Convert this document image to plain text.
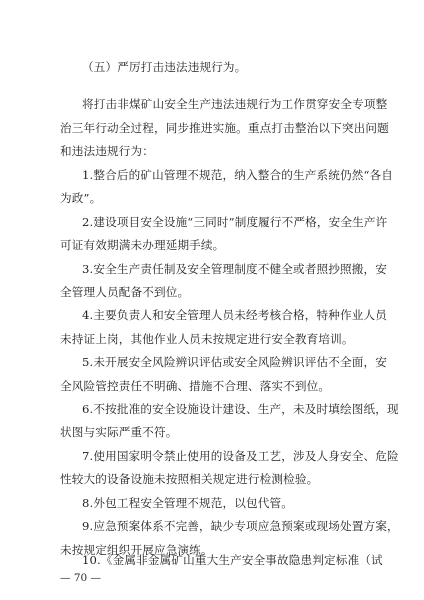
（五）严厉打击违法违规行为。
将打击非煤矿山安全生产违法违规行为工作贯穿安全专项整
治三年行动全过程，同步推进实施。重点打击整治以下突出问题
和违法违规行为：
1.整合后的矿山管理不规范，纳入整合的生产系统仍然“各自
为政”。
2.建设项目安全设施“三同时”制度履行不严格，安全生产许
可证有效期满未办理延期手续。
3.安全生产责任制及安全管理制度不健全或者照抄照搬，安
全管理人员配备不到位。
4.主要负责人和安全管理人员未经考核合格，特种作业人员
未持证上岗，其他作业人员未按规定进行安全教育培训。
5.未开展安全风险辨识评估或安全风险辨识评估不全面，安
全风险管控责任不明确、措施不合理、落实不到位。
6.不按批准的安全设施设计建设、生产，未及时填绘图纸，现
状图与实际严重不符。
7.使用国家明令禁止使用的设备及工艺，涉及人身安全、危险
性较大的设备设施未按照相关规定进行检测检验。
8.外包工程安全管理不规范，以包代管。
9.应急预案体系不完善，缺少专项应急预案或现场处置方案，
未按规定组织开展应急演练。
10.《金属非金属矿山重大生产安全事故隐患判定标准（试
— 70 —
